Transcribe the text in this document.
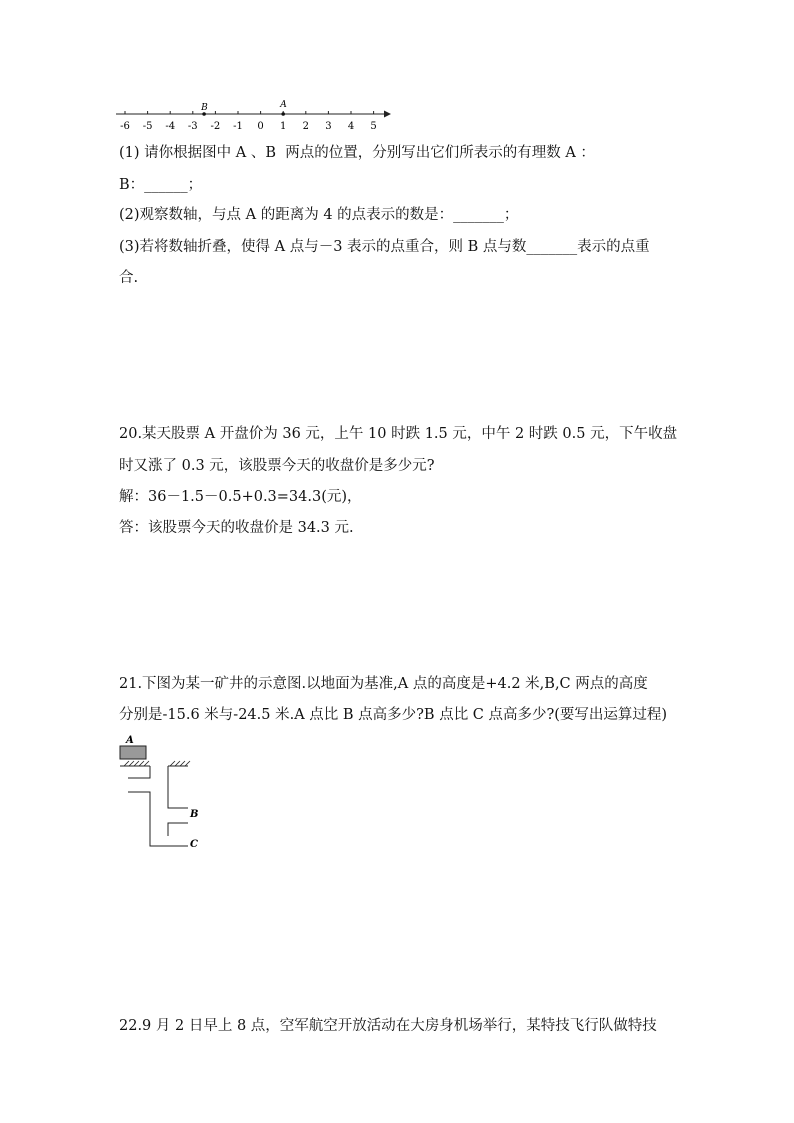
-6 -5 -4 -3 -2 -1 0 1 2 3 4 5
B	A
(1) 请你根据图中 A 、B  两点的位置，分别写出它们所表示的有理数 A ：
B：______；
(2)观察数轴，与点 A 的距离为 4 的点表示的数是：_______；
(3)若将数轴折叠，使得 A 点与－3 表示的点重合，则 B 点与数_______表示的点重
合.
20.某天股票 A 开盘价为 36 元，上午 10 时跌 1.5 元，中午 2 时跌 0.5 元，下午收盘
时又涨了 0.3 元，该股票今天的收盘价是多少元?
解：36－1.5－0.5+0.3=34.3(元)，
答：该股票今天的收盘价是 34.3 元.
21.下图为某一矿井的示意图.以地面为基准,A 点的高度是+4.2 米,B,C 两点的高度
分别是-15.6 米与-24.5 米.A 点比 B 点高多少?B 点比 C 点高多少?(要写出运算过程)
A
B
C
22.9 月 2 日早上 8 点，空军航空开放活动在大房身机场举行，某特技飞行队做特技
